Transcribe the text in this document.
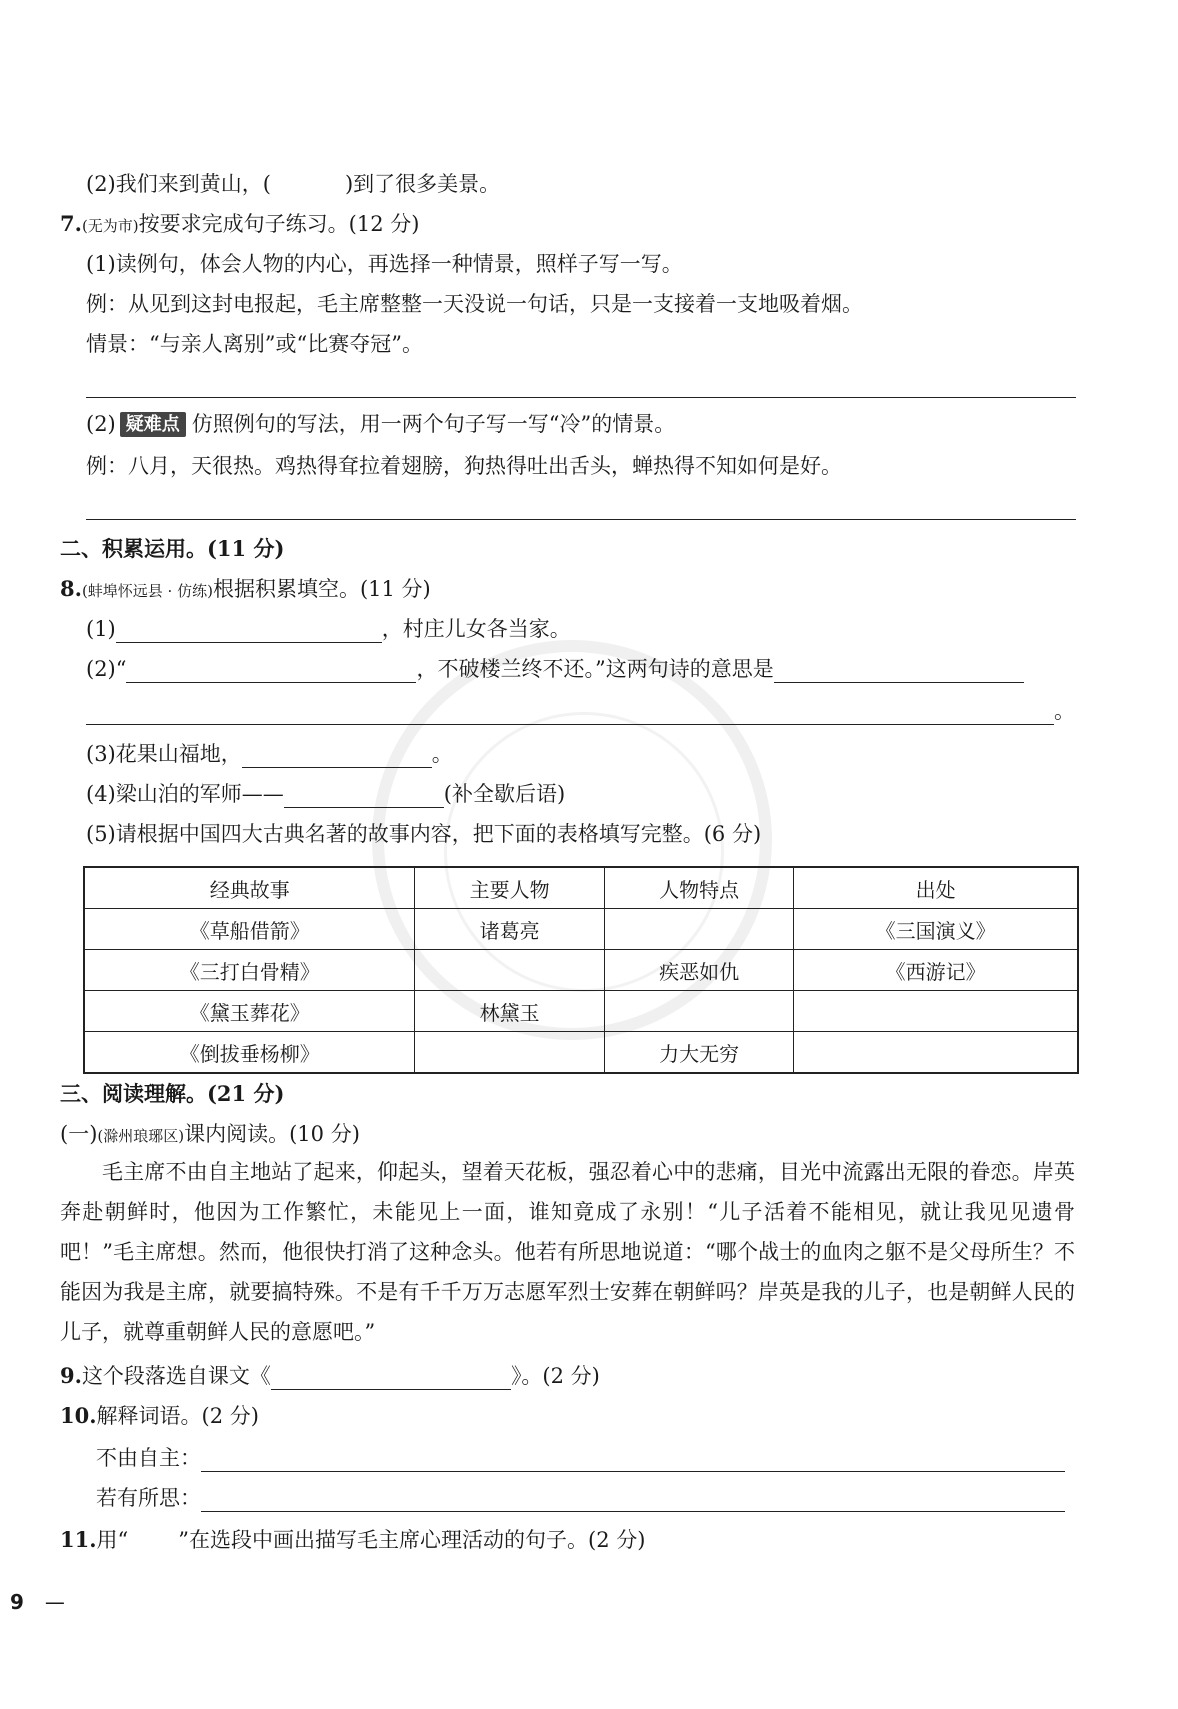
(2)我们来到黄山，(	)到了很多美景。
7.(无为市)按要求完成句子练习。(12 分)
(1)读例句，体会人物的内心，再选择一种情景，照样子写一写。
例：从见到这封电报起，毛主席整整一天没说一句话，只是一支接着一支地吸着烟。
情景：“与亲人离别”或“比赛夺冠”。
(2) 疑难点 仿照例句的写法，用一两个句子写一写“冷”的情景。
例：八月，天很热。鸡热得耷拉着翅膀，狗热得吐出舌头，蝉热得不知如何是好。
二、积累运用。(11 分)
8.(蚌埠怀远县 · 仿练)根据积累填空。(11 分)
(1)	，村庄儿女各当家。
(2)“	，不破楼兰终不还。”这两句诗的意思是
。
(3)花果山福地，	。
(4)梁山泊的军师——	(补全歇后语)
(5)请根据中国四大古典名著的故事内容，把下面的表格填写完整。(6 分)
经典故事	主要人物	人物特点	出处
《草船借箭》	诸葛亮		《三国演义》
《三打白骨精》		疾恶如仇	《西游记》
《黛玉葬花》	林黛玉		
《倒拔垂杨柳》		力大无穷	
三、阅读理解。(21 分)
(一)(滁州琅琊区)课内阅读。(10 分)
毛主席不由自主地站了起来，仰起头，望着天花板，强忍着心中的悲痛，目光中流露出无限的眷恋。岸英奔赴朝鲜时，他因为工作繁忙，未能见上一面，谁知竟成了永别！“儿子活着不能相见，就让我见见遗骨吧！”毛主席想。然而，他很快打消了这种念头。他若有所思地说道：“哪个战士的血肉之躯不是父母所生？不能因为我是主席，就要搞特殊。不是有千千万万志愿军烈士安葬在朝鲜吗？岸英是我的儿子，也是朝鲜人民的儿子，就尊重朝鲜人民的意愿吧。”
9.这个段落选自课文《	》。(2 分)
10.解释词语。(2 分)
不由自主：
若有所思：
11.用“ ”在选段中画出描写毛主席心理活动的句子。(2 分)
9 —
